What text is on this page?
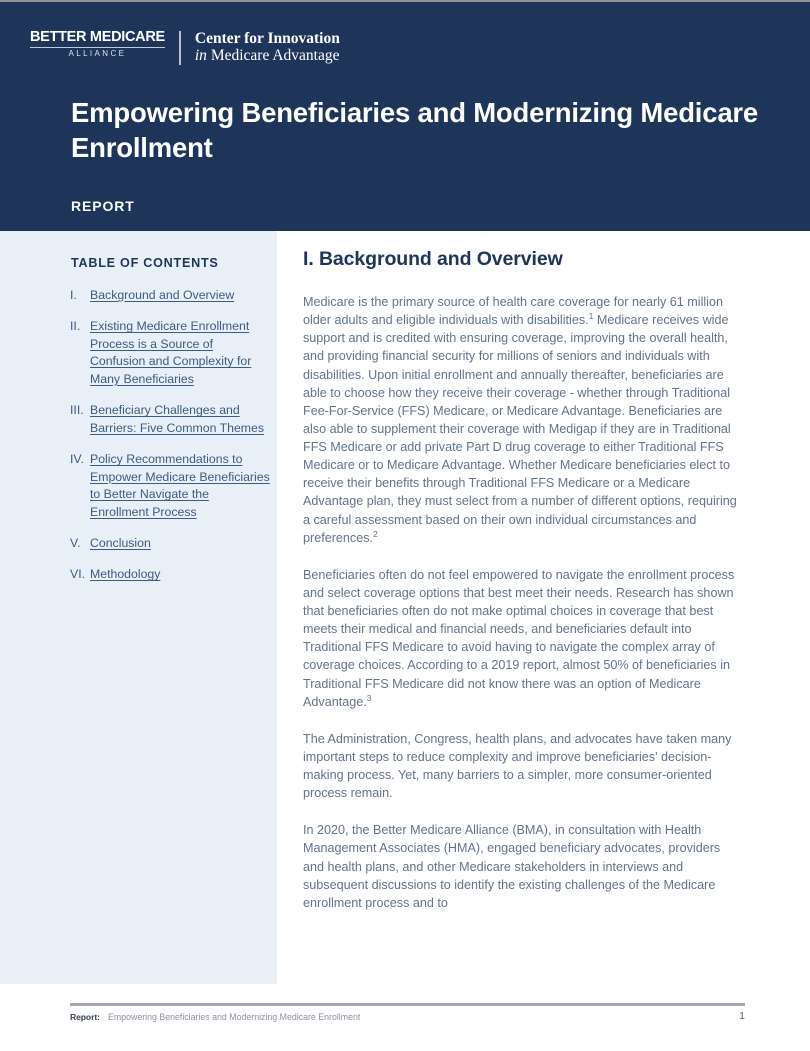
BETTER MEDICARE
ALLIANCE
Center for Innovation
in Medicare Advantage
Empowering Beneficiaries and Modernizing Medicare Enrollment
REPORT
TABLE OF CONTENTS
I.	Background and Overview
II. Existing Medicare Enrollment Process is a Source of Confusion and Complexity for Many Beneficiaries
III. Beneficiary Challenges and Barriers: Five Common Themes
IV. Policy Recommendations to Empower Medicare Beneficiaries to Better Navigate the Enrollment Process
V. Conclusion
VI. Methodology
I. Background and Overview

Medicare is the primary source of health care coverage for nearly 61 million older adults and eligible individuals with disabilities.$^1$ Medicare receives wide support and is credited with ensuring coverage, improving the overall health, and providing financial security for millions of seniors and individuals with disabilities. Upon initial enrollment and annually thereafter, beneficiaries are able to choose how they receive their coverage - whether through Traditional Fee-For-Service (FFS) Medicare, or Medicare Advantage. Beneficiaries are also able to supplement their coverage with Medigap if they are in Traditional FFS Medicare or add private Part D drug coverage to either Traditional FFS Medicare or to Medicare Advantage. Whether Medicare beneficiaries elect to receive their benefits through Traditional FFS Medicare or a Medicare Advantage plan, they must select from a number of different options, requiring a careful assessment based on their own individual circumstances and preferences.$^2$

Beneficiaries often do not feel empowered to navigate the enrollment process and select coverage options that best meet their needs. Research has shown that beneficiaries often do not make optimal choices in coverage that best meets their medical and financial needs, and beneficiaries default into Traditional FFS Medicare to avoid having to navigate the complex array of coverage choices. According to a 2019 report, almost 50% of beneficiaries in Traditional FFS Medicare did not know there was an option of Medicare Advantage.$^3$

The Administration, Congress, health plans, and advocates have taken many important steps to reduce complexity and improve beneficiaries' decision-making process. Yet, many barriers to a simpler, more consumer-oriented process remain.

In 2020, the Better Medicare Alliance (BMA), in consultation with Health Management Associates (HMA), engaged beneficiary advocates, providers and health plans, and other Medicare stakeholders in interviews and subsequent discussions to identify the existing challenges of the Medicare enrollment process and to

Report: Empowering Beneficiaries and Modernizing Medicare Enrollment	1
